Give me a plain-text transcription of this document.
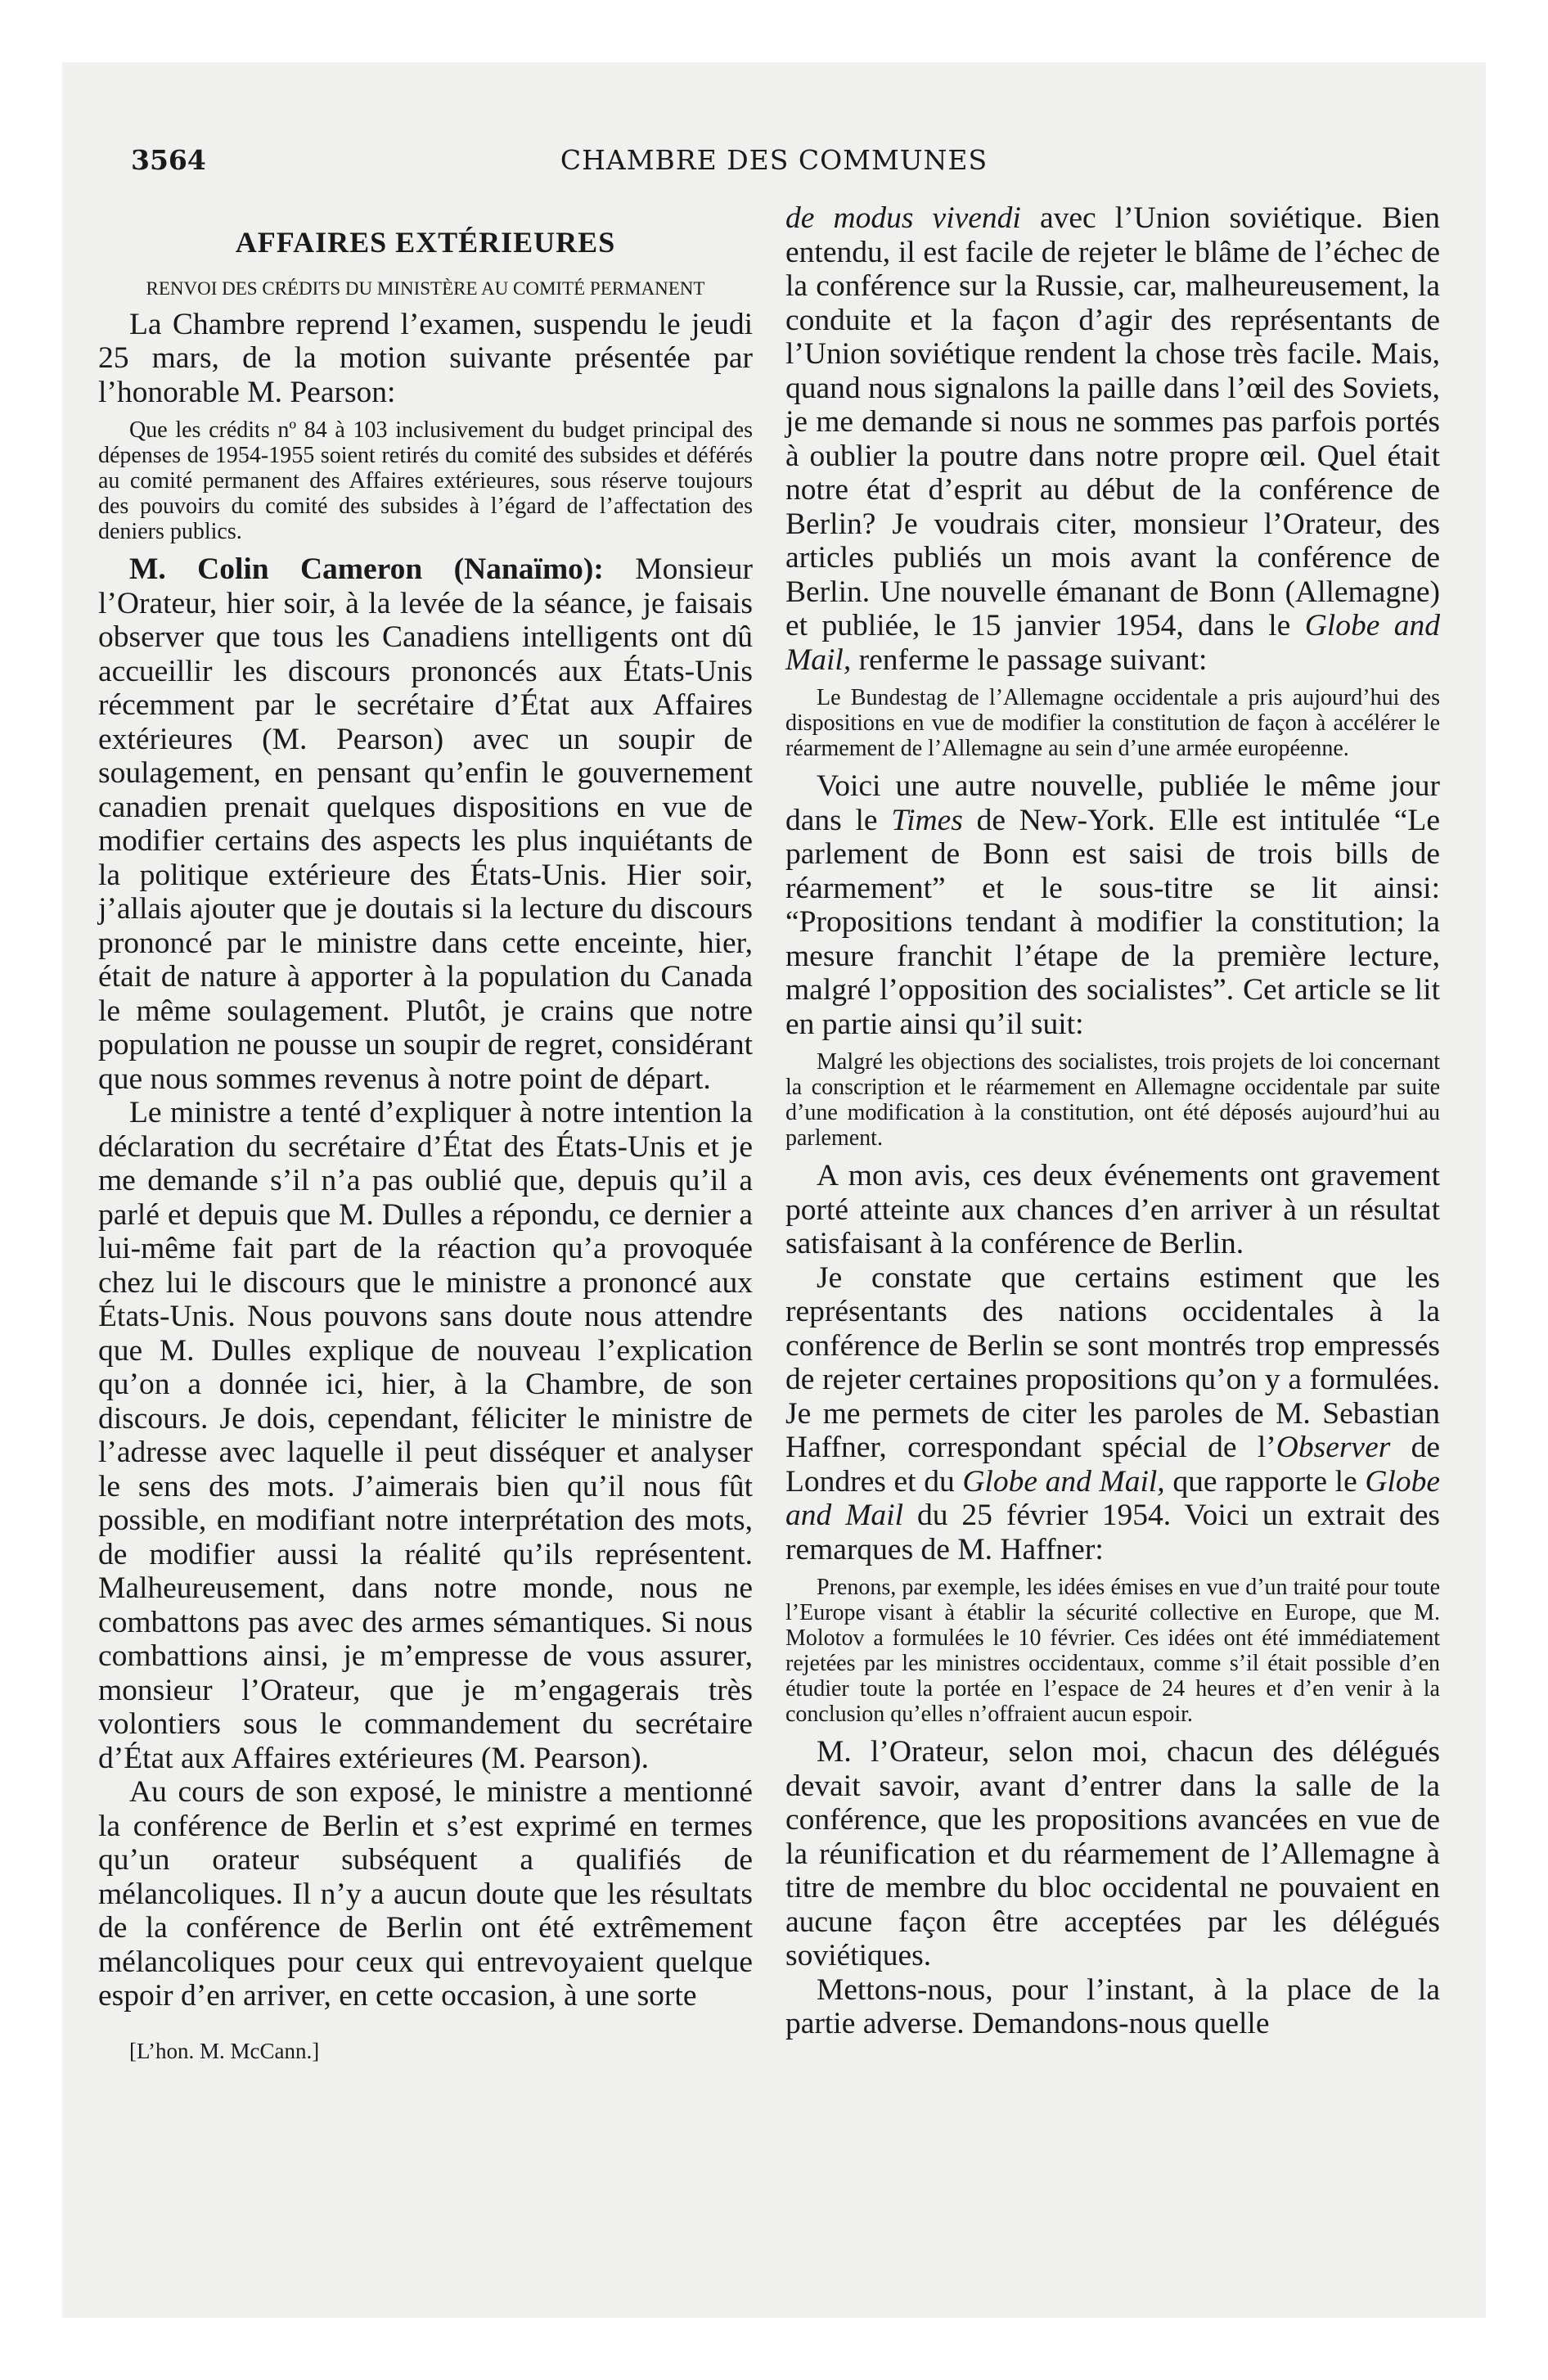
3564	CHAMBRE DES COMMUNES
AFFAIRES EXTÉRIEURES
RENVOI DES CRÉDITS DU MINISTÈRE AU COMITÉ PERMANENT

La Chambre reprend l’examen, suspendu le jeudi 25 mars, de la motion suivante présentée par l’honorable M. Pearson:

Que les crédits nº 84 à 103 inclusivement du budget principal des dépenses de 1954-1955 soient retirés du comité des subsides et déférés au comité permanent des Affaires extérieures, sous réserve toujours des pouvoirs du comité des subsides à l’égard de l’affectation des deniers publics.

M. Colin Cameron (Nanaïmo): Monsieur l’Orateur, hier soir, à la levée de la séance, je faisais observer que tous les Canadiens intelligents ont dû accueillir les discours prononcés aux États-Unis récemment par le secrétaire d’État aux Affaires extérieures (M. Pearson) avec un soupir de soulagement, en pensant qu’enfin le gouvernement canadien prenait quelques dispositions en vue de modifier certains des aspects les plus inquiétants de la politique extérieure des États-Unis. Hier soir, j’allais ajouter que je doutais si la lecture du discours prononcé par le ministre dans cette enceinte, hier, était de nature à apporter à la population du Canada le même soulagement. Plutôt, je crains que notre population ne pousse un soupir de regret, considérant que nous sommes revenus à notre point de départ.

Le ministre a tenté d’expliquer à notre intention la déclaration du secrétaire d’État des États-Unis et je me demande s’il n’a pas oublié que, depuis qu’il a parlé et depuis que M. Dulles a répondu, ce dernier a lui-même fait part de la réaction qu’a provoquée chez lui le discours que le ministre a prononcé aux États-Unis. Nous pouvons sans doute nous attendre que M. Dulles explique de nouveau l’explication qu’on a donnée ici, hier, à la Chambre, de son discours. Je dois, cependant, féliciter le ministre de l’adresse avec laquelle il peut disséquer et analyser le sens des mots. J’aimerais bien qu’il nous fût possible, en modifiant notre interprétation des mots, de modifier aussi la réalité qu’ils représentent. Malheureusement, dans notre monde, nous ne combattons pas avec des armes sémantiques. Si nous combattions ainsi, je m’empresse de vous assurer, monsieur l’Orateur, que je m’engagerais très volontiers sous le commandement du secrétaire d’État aux Affaires extérieures (M. Pearson).

Au cours de son exposé, le ministre a mentionné la conférence de Berlin et s’est exprimé en termes qu’un orateur subséquent a qualifiés de mélancoliques. Il n’y a aucun doute que les résultats de la conférence de Berlin ont été extrêmement mélancoliques pour ceux qui entrevoyaient quelque espoir d’en arriver, en cette occasion, à une sorte

[L’hon. M. McCann.]

de modus vivendi avec l’Union soviétique. Bien entendu, il est facile de rejeter le blâme de l’échec de la conférence sur la Russie, car, malheureusement, la conduite et la façon d’agir des représentants de l’Union soviétique rendent la chose très facile. Mais, quand nous signalons la paille dans l’œil des Soviets, je me demande si nous ne sommes pas parfois portés à oublier la poutre dans notre propre œil. Quel était notre état d’esprit au début de la conférence de Berlin? Je voudrais citer, monsieur l’Orateur, des articles publiés un mois avant la conférence de Berlin. Une nouvelle émanant de Bonn (Allemagne) et publiée, le 15 janvier 1954, dans le Globe and Mail, renferme le passage suivant:

Le Bundestag de l’Allemagne occidentale a pris aujourd’hui des dispositions en vue de modifier la constitution de façon à accélérer le réarmement de l’Allemagne au sein d’une armée européenne.

Voici une autre nouvelle, publiée le même jour dans le Times de New-York. Elle est intitulée “Le parlement de Bonn est saisi de trois bills de réarmement” et le sous-titre se lit ainsi: “Propositions tendant à modifier la constitution; la mesure franchit l’étape de la première lecture, malgré l’opposition des socialistes”. Cet article se lit en partie ainsi qu’il suit:

Malgré les objections des socialistes, trois projets de loi concernant la conscription et le réarmement en Allemagne occidentale par suite d’une modification à la constitution, ont été déposés aujourd’hui au parlement.

A mon avis, ces deux événements ont gravement porté atteinte aux chances d’en arriver à un résultat satisfaisant à la conférence de Berlin.

Je constate que certains estiment que les représentants des nations occidentales à la conférence de Berlin se sont montrés trop empressés de rejeter certaines propositions qu’on y a formulées. Je me permets de citer les paroles de M. Sebastian Haffner, correspondant spécial de l’Observer de Londres et du Globe and Mail, que rapporte le Globe and Mail du 25 février 1954. Voici un extrait des remarques de M. Haffner:

Prenons, par exemple, les idées émises en vue d’un traité pour toute l’Europe visant à établir la sécurité collective en Europe, que M. Molotov a formulées le 10 février. Ces idées ont été immédiatement rejetées par les ministres occidentaux, comme s’il était possible d’en étudier toute la portée en l’espace de 24 heures et d’en venir à la conclusion qu’elles n’offraient aucun espoir.

M. l’Orateur, selon moi, chacun des délégués devait savoir, avant d’entrer dans la salle de la conférence, que les propositions avancées en vue de la réunification et du réarmement de l’Allemagne à titre de membre du bloc occidental ne pouvaient en aucune façon être acceptées par les délégués soviétiques.

Mettons-nous, pour l’instant, à la place de la partie adverse. Demandons-nous quelle
